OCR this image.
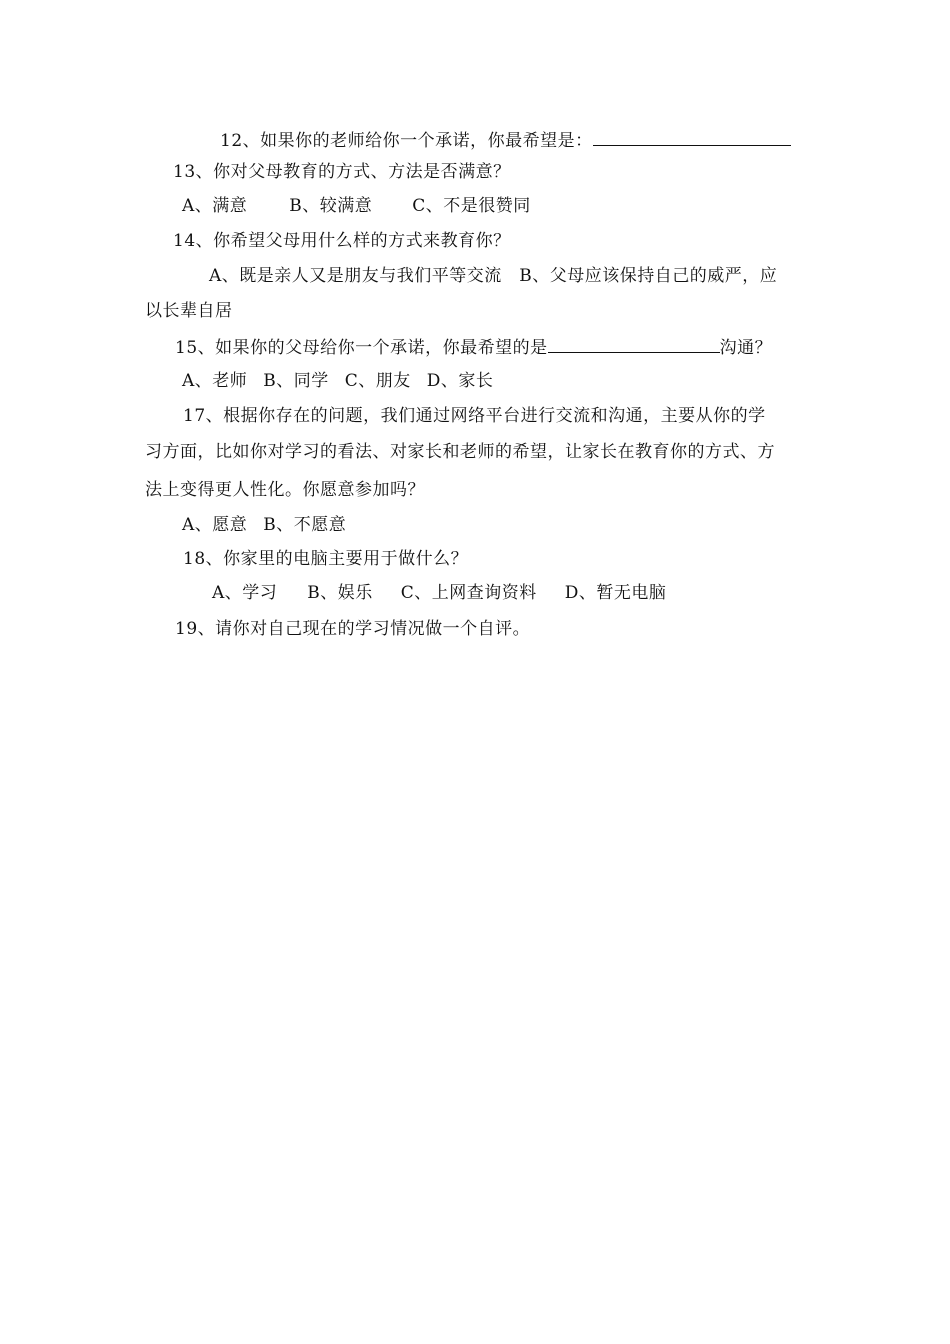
12、如果你的老师给你一个承诺，你最希望是：
13、你对父母教育的方式、方法是否满意？
A、满意 B、较满意 C、不是很赞同
14、你希望父母用什么样的方式来教育你？
A、既是亲人又是朋友与我们平等交流　B、父母应该保持自己的威严，应
以长辈自居
15、如果你的父母给你一个承诺，你最希望的是	沟通？
A、老师 B、同学 C、朋友 D、家长
17、根据你存在的问题，我们通过网络平台进行交流和沟通，主要从你的学
习方面，比如你对学习的看法、对家长和老师的希望，让家长在教育你的方式、方
法上变得更人性化。你愿意参加吗？
A、愿意 B、不愿意
18、你家里的电脑主要用于做什么？
A、学习 B、娱乐 C、上网查询资料 D、暂无电脑
19、请你对自己现在的学习情况做一个自评。
